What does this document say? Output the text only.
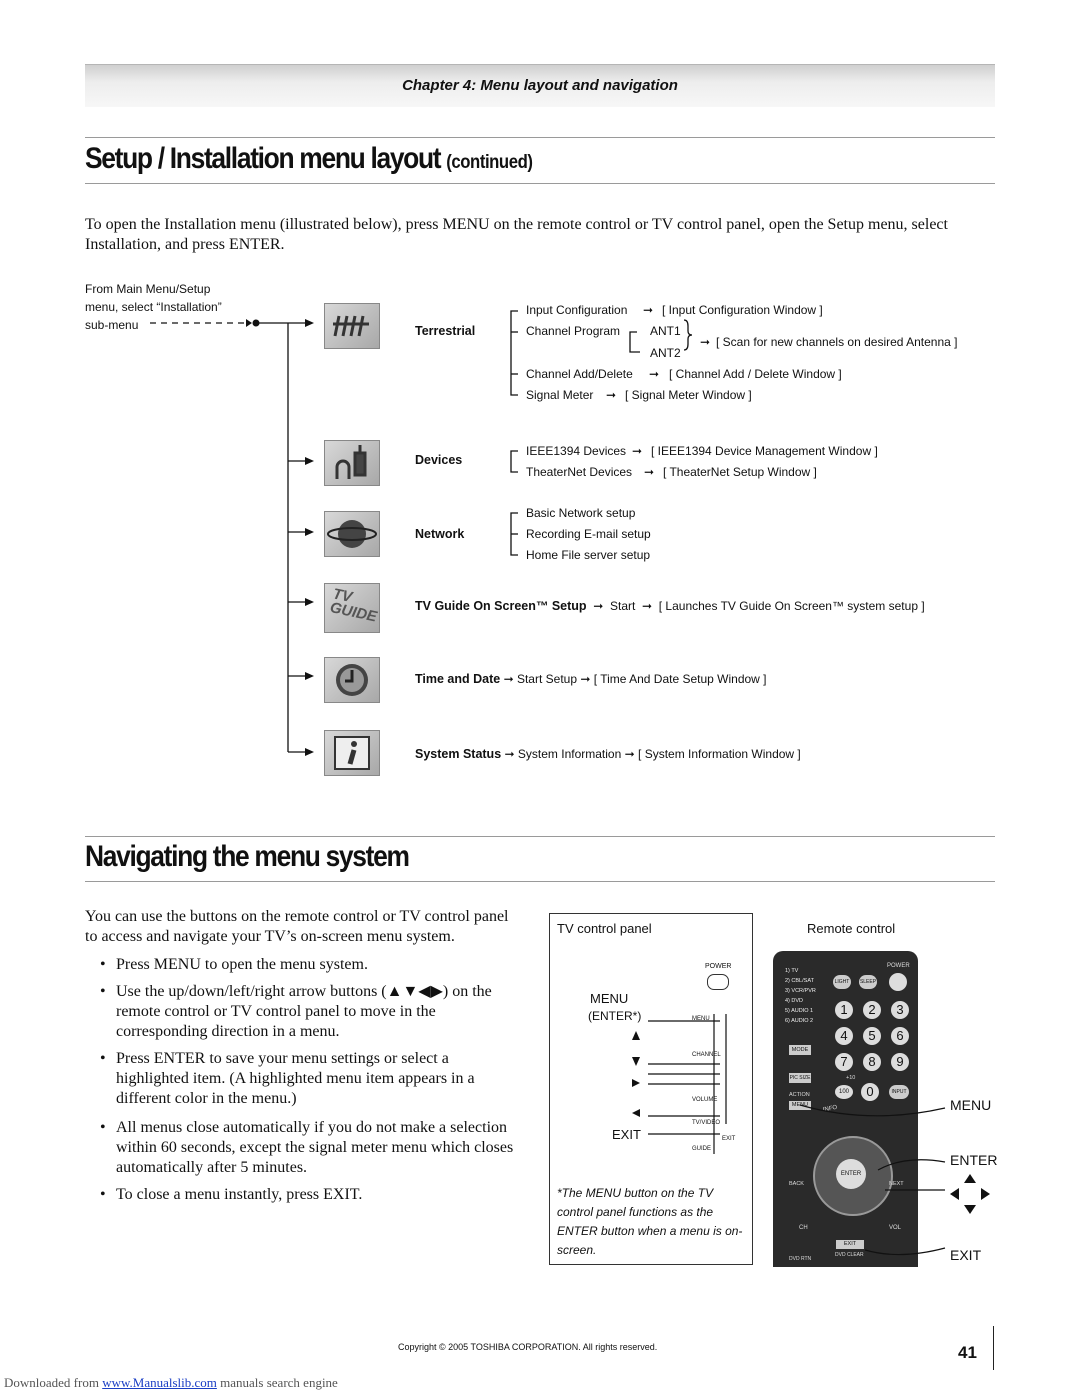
Chapter 4: Menu layout and navigation
Setup / Installation menu layout (continued)
To open the Installation menu (illustrated below), press MENU on the remote control or TV control panel, open the Setup menu, select Installation, and press ENTER.
From Main Menu/Setup
menu, select “Installation”
sub-menu
TV GUIDE
Terrestrial
Input Configuration ➞ [ Input Configuration Window ]
Channel Program ANT1
ANT2
➞ [ Scan for new channels on desired Antenna ]
Channel Add/Delete ➞ [ Channel Add / Delete Window ]
Signal Meter ➞ [ Signal Meter Window ]
Devices
IEEE1394 Devices ➞ [ IEEE1394 Device Management Window ]
TheaterNet Devices ➞ [ TheaterNet Setup Window ]
Network
Basic Network setup
Recording E-mail setup
Home File server setup
TV Guide On Screen™ Setup  ➞  Start  ➞  [ Launches TV Guide On Screen™ system setup ]
Time and Date ➞ Start Setup ➞ [ Time And Date Setup Window ]
System Status ➞ System Information ➞ [ System Information Window ]
Navigating the menu system
You can use the buttons on the remote control or TV control panel to access and navigate your TV’s on-screen menu system.
• Press MENU to open the menu system.
• Use the up/down/left/right arrow buttons (▲▼◀▶) on the remote control or TV control panel to move in the corresponding direction in a menu.
• Press ENTER to save your menu settings or select a highlighted item. (A highlighted menu item appears in a different color in the menu.)
• All menus close automatically if you do not make a selection within 60 seconds, except the signal meter menu which closes automatically after 5 minutes.
• To close a menu instantly, press EXIT.
TV control panel
MENU
(ENTER*)
EXIT
POWER
MENU
CHANNEL
VOLUME
TV/VIDEO
EXIT
GUIDE
*The MENU button on the TV control panel functions as the ENTER button when a menu is on-screen.
Remote control
POWER
LIGHT	SLEEP
1) TV
2) CBL/SAT
3) VCR/PVR
4) DVD
5) AUDIO 1
6) AUDIO 2
MODE
1	2	3
4	5	6
7	8	9
PIC SIZE	+10
100	0	INPUT
ACTION
MENU	INFO
ENTER
BACK	NEXT
CH	VOL
EXIT
DVD RTN
DVD CLEAR
MENU
ENTER
EXIT
Copyright © 2005 TOSHIBA CORPORATION. All rights reserved.	41
Downloaded from www.Manualslib.com manuals search engine
